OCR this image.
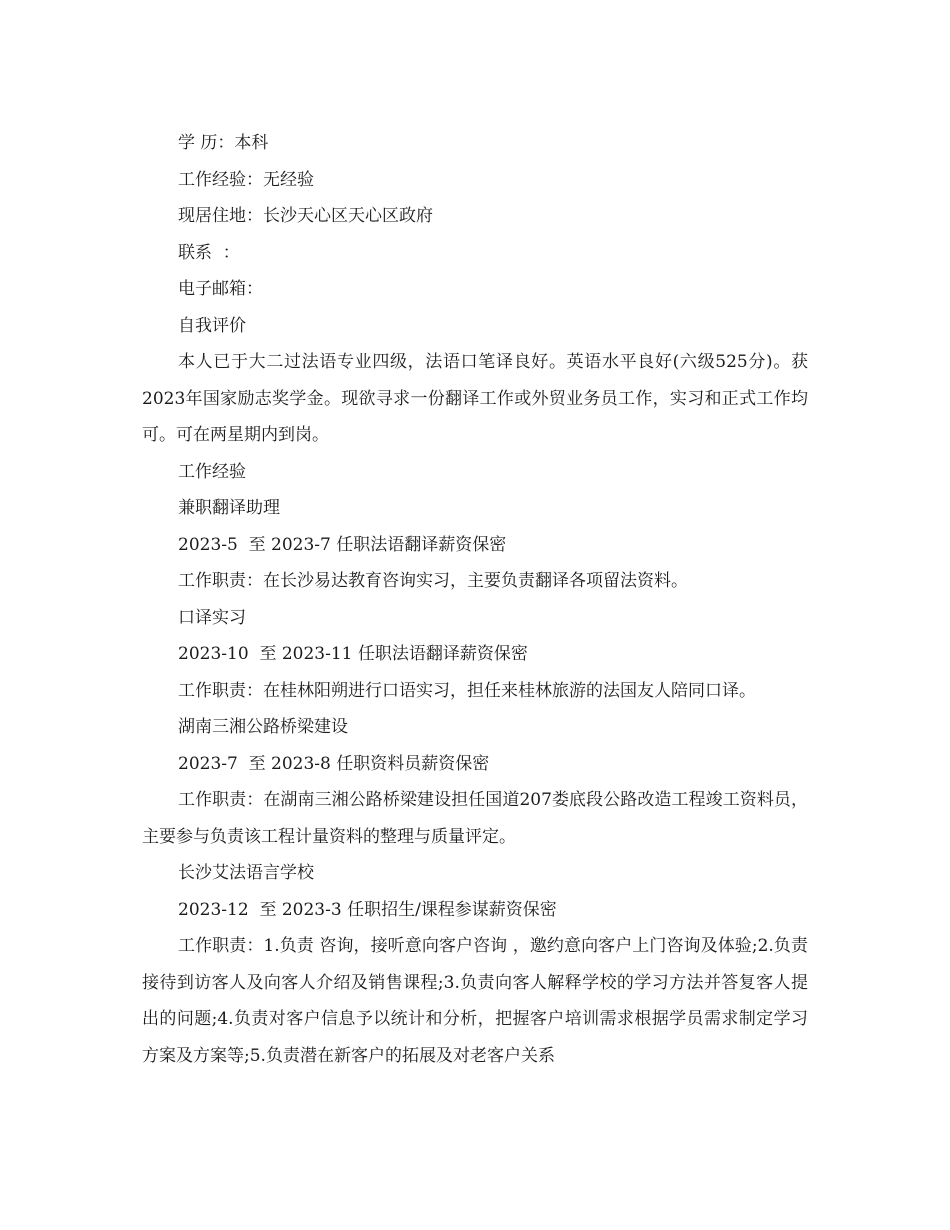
学 历：本科

工作经验：无经验

现居住地：长沙天心区天心区政府

联系  ：

电子邮箱：

自我评价

本人已于大二过法语专业四级，法语口笔译良好。英语水平良好(六级525分)。获2023年国家励志奖学金。现欲寻求一份翻译工作或外贸业务员工作，实习和正式工作均可。可在两星期内到岗。

工作经验

兼职翻译助理

2023-5  至 2023-7 任职法语翻译薪资保密

工作职责：在长沙易达教育咨询实习，主要负责翻译各项留法资料。

口译实习

2023-10  至 2023-11 任职法语翻译薪资保密

工作职责：在桂林阳朔进行口语实习，担任来桂林旅游的法国友人陪同口译。

湖南三湘公路桥梁建设

2023-7  至 2023-8 任职资料员薪资保密

工作职责：在湖南三湘公路桥梁建设担任国道207娄底段公路改造工程竣工资料员，主要参与负责该工程计量资料的整理与质量评定。

长沙艾法语言学校

2023-12  至 2023-3 任职招生/课程参谋薪资保密

工作职责：1.负责 咨询，接听意向客户咨询 ，邀约意向客户上门咨询及体验;2.负责接待到访客人及向客人介绍及销售课程;3.负责向客人解释学校的学习方法并答复客人提出的问题;4.负责对客户信息予以统计和分析，把握客户培训需求根据学员需求制定学习方案及方案等;5.负责潜在新客户的拓展及对老客户关系
